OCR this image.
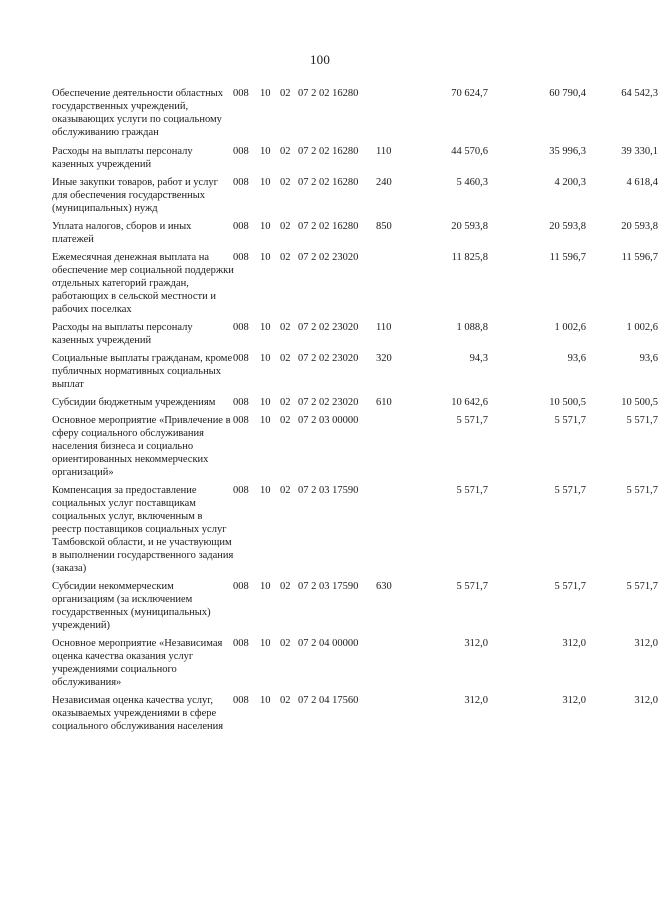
100
Обеспечение деятельности областных государственных учреждений, оказывающих услуги по социальному обслуживанию граждан
008	10 02 07 2 02 16280	70 624,7	60 790,4	64 542,3
Расходы на выплаты персоналу казенных учреждений
008	10 02 07 2 02 16280	110	44 570,6	35 996,3	39 330,1
Иные закупки товаров, работ и услуг для обеспечения государственных (муниципальных) нужд
008	10 02 07 2 02 16280	240	5 460,3	4 200,3	4 618,4
Уплата налогов, сборов и иных платежей
008	10 02 07 2 02 16280	850	20 593,8	20 593,8	20 593,8
Ежемесячная денежная выплата на обеспечение мер социальной поддержки отдельных категорий граждан, работающих в сельской местности и рабочих поселках
008	10 02 07 2 02 23020	11 825,8	11 596,7	11 596,7
Расходы на выплаты персоналу казенных учреждений
008	10 02 07 2 02 23020	110	1 088,8	1 002,6	1 002,6
Социальные выплаты гражданам, кроме публичных нормативных социальных выплат
008	10 02 07 2 02 23020	320	94,3	93,6	93,6
Субсидии бюджетным учреждениям	008	10 02 07 2 02 23020	610	10 642,6	10 500,5	10 500,5
Основное мероприятие «Привлечение в сферу социального обслуживания населения бизнеса и социально ориентированных некоммерческих организаций»
008	10 02 07 2 03 00000	5 571,7	5 571,7	5 571,7
Компенсация за предоставление социальных услуг поставщикам социальных услуг, включенным в реестр поставщиков социальных услуг Тамбовской области, и не участвующим в выполнении государственного задания (заказа)
008	10 02 07 2 03 17590	5 571,7	5 571,7	5 571,7
Субсидии некоммерческим организациям (за исключением государственных (муниципальных) учреждений)
008	10 02 07 2 03 17590	630	5 571,7	5 571,7	5 571,7
Основное мероприятие «Независимая оценка качества оказания услуг учреждениями социального обслуживания»
008	10 02 07 2 04 00000	312,0	312,0	312,0
Независимая оценка качества услуг, оказываемых учреждениями в сфере социального обслуживания населения
008	10 02 07 2 04 17560	312,0	312,0	312,0
